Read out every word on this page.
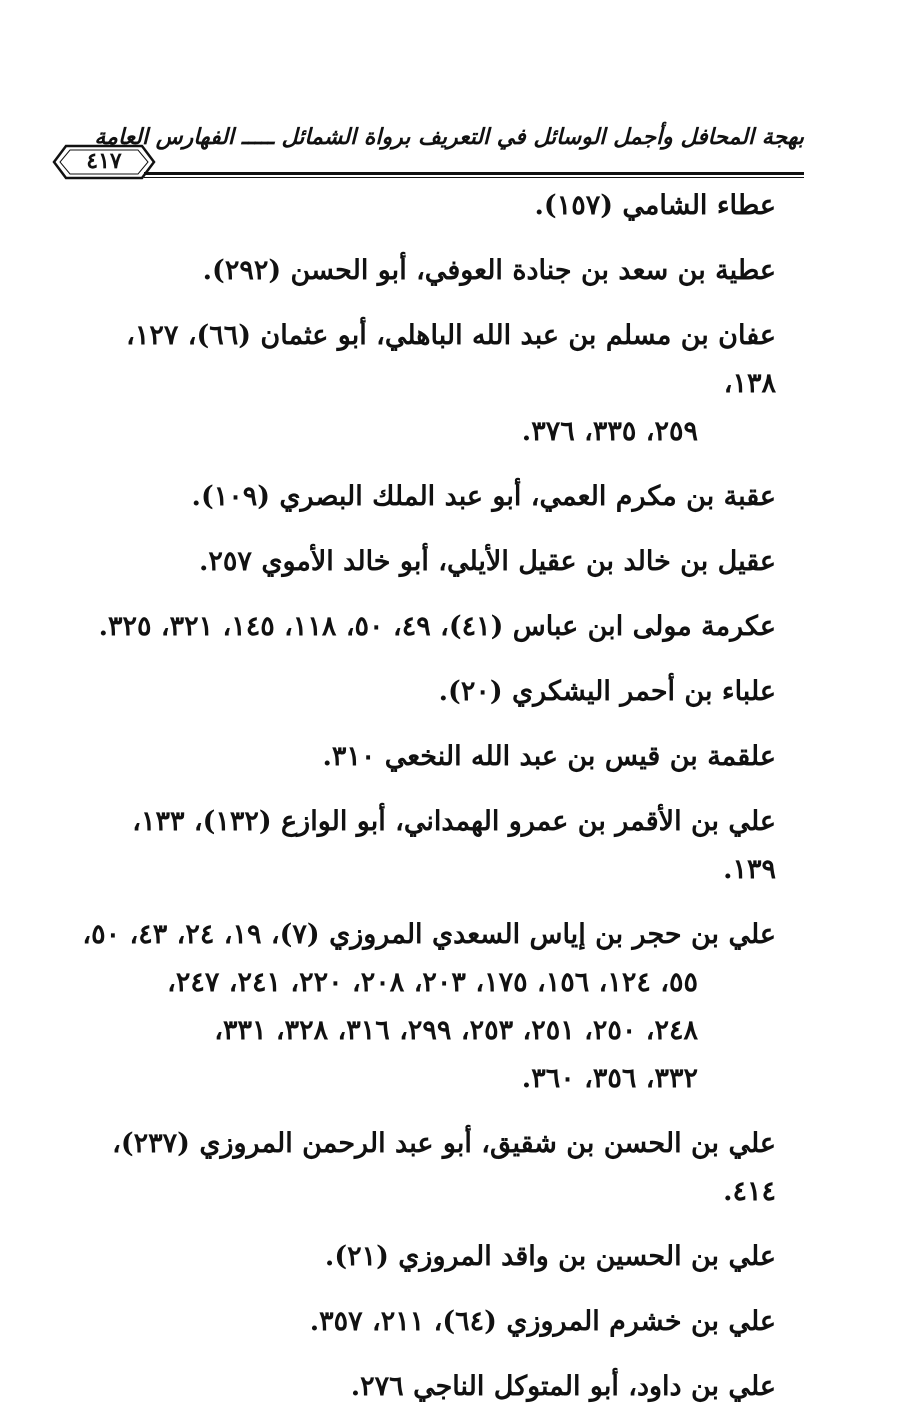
بهجة المحافل وأجمل الوسائل في التعريف برواة الشمائل ـــــ الفهارس العامة
٤١٧
عطاء الشامي (١٥٧).
عطية بن سعد بن جنادة العوفي، أبو الحسن (٢٩٢).
عفان بن مسلم بن عبد الله الباهلي، أبو عثمان (٦٦)، ١٢٧، ١٣٨،
٢٥٩، ٣٣٥، ٣٧٦.
عقبة بن مكرم العمي، أبو عبد الملك البصري (١٠٩).
عقيل بن خالد بن عقيل الأيلي، أبو خالد الأموي ٢٥٧.
عكرمة مولى ابن عباس (٤١)، ٤٩، ٥٠، ١١٨، ١٤٥، ٣٢١، ٣٢٥.
علباء بن أحمر اليشكري (٢٠).
علقمة بن قيس بن عبد الله النخعي ٣١٠.
علي بن الأقمر بن عمرو الهمداني، أبو الوازع (١٣٢)، ١٣٣، ١٣٩.
علي بن حجر بن إياس السعدي المروزي (٧)، ١٩، ٢٤، ٤٣، ٥٠،
٥٥، ١٢٤، ١٥٦، ١٧٥، ٢٠٣، ٢٠٨، ٢٢٠، ٢٤١، ٢٤٧،
٢٤٨، ٢٥٠، ٢٥١، ٢٥٣، ٢٩٩، ٣١٦، ٣٢٨، ٣٣١،
٣٣٢، ٣٥٦، ٣٦٠.
علي بن الحسن بن شقيق، أبو عبد الرحمن المروزي (٢٣٧)، ٤١٤.
علي بن الحسين بن واقد المروزي (٢١).
علي بن خشرم المروزي (٦٤)، ٢١١، ٣٥٧.
علي بن داود، أبو المتوكل الناجي ٢٧٦.
